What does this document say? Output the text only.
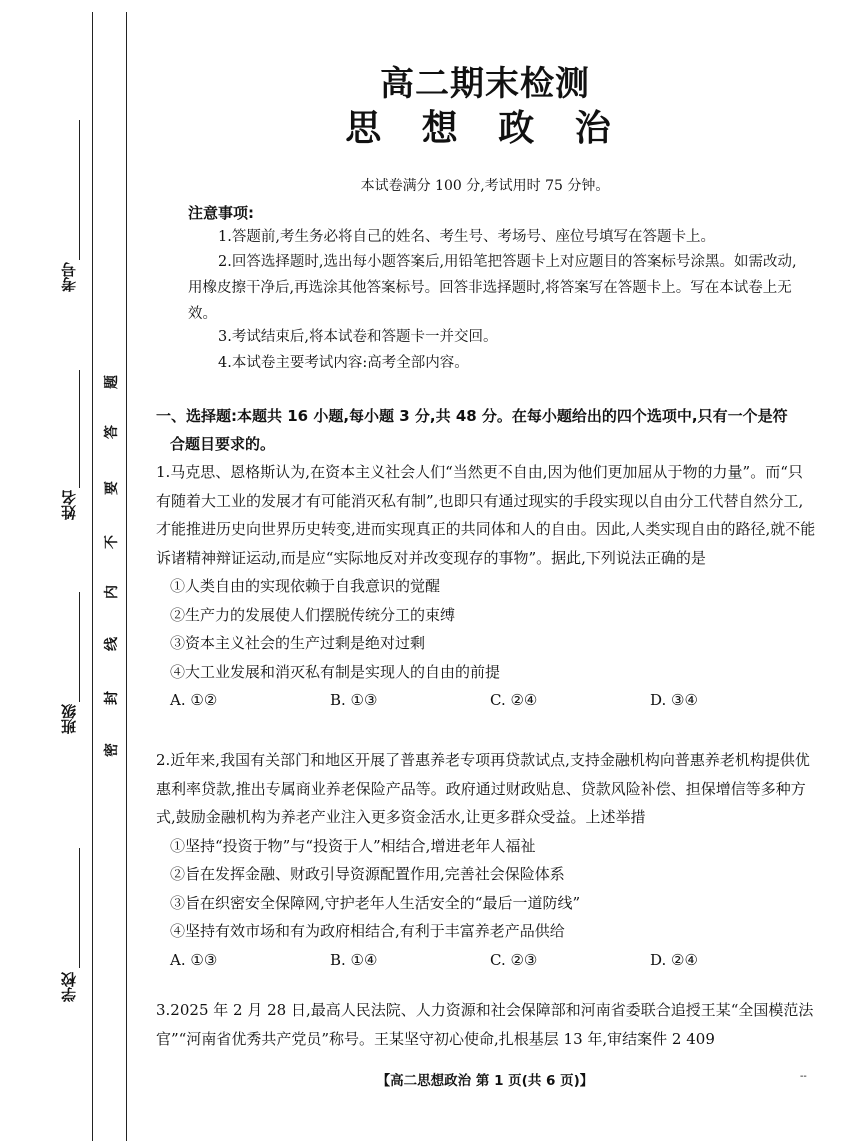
考号
姓名
班级
学校
题
答
要
不
内
线
封
密
高二期末检测
思 想 政 治
本试卷满分 100 分,考试用时 75 分钟。
注意事项:
1.答题前,考生务必将自己的姓名、考生号、考场号、座位号填写在答题卡上。
2.回答选择题时,选出每小题答案后,用铅笔把答题卡上对应题目的答案标号涂黑。如需改动,用橡皮擦干净后,再选涂其他答案标号。回答非选择题时,将答案写在答题卡上。写在本试卷上无效。
3.考试结束后,将本试卷和答题卡一并交回。
4.本试卷主要考试内容:高考全部内容。
一、选择题:本题共 16 小题,每小题 3 分,共 48 分。在每小题给出的四个选项中,只有一个是符
合题目要求的。
1.马克思、恩格斯认为,在资本主义社会人们“当然更不自由,因为他们更加屈从于物的力量”。而“只有随着大工业的发展才有可能消灭私有制”,也即只有通过现实的手段实现以自由分工代替自然分工,才能推进历史向世界历史转变,进而实现真正的共同体和人的自由。因此,人类实现自由的路径,就不能诉诸精神辩证运动,而是应“实际地反对并改变现存的事物”。据此,下列说法正确的是
①人类自由的实现依赖于自我意识的觉醒
②生产力的发展使人们摆脱传统分工的束缚
③资本主义社会的生产过剩是绝对过剩
④大工业发展和消灭私有制是实现人的自由的前提
A. ①②	B. ①③	C. ②④	D. ③④
2.近年来,我国有关部门和地区开展了普惠养老专项再贷款试点,支持金融机构向普惠养老机构提供优惠利率贷款,推出专属商业养老保险产品等。政府通过财政贴息、贷款风险补偿、担保增信等多种方式,鼓励金融机构为养老产业注入更多资金活水,让更多群众受益。上述举措
①坚持“投资于物”与“投资于人”相结合,增进老年人福祉
②旨在发挥金融、财政引导资源配置作用,完善社会保险体系
③旨在织密安全保障网,守护老年人生活安全的“最后一道防线”
④坚持有效市场和有为政府相结合,有利于丰富养老产品供给
A. ①③	B. ①④	C. ②③	D. ②④
3.2025 年 2 月 28 日,最高人民法院、人力资源和社会保障部和河南省委联合追授王某“全国模范法官”“河南省优秀共产党员”称号。王某坚守初心使命,扎根基层 13 年,审结案件 2 409
【高二思想政治 第 1 页(共 6 页)】	--
